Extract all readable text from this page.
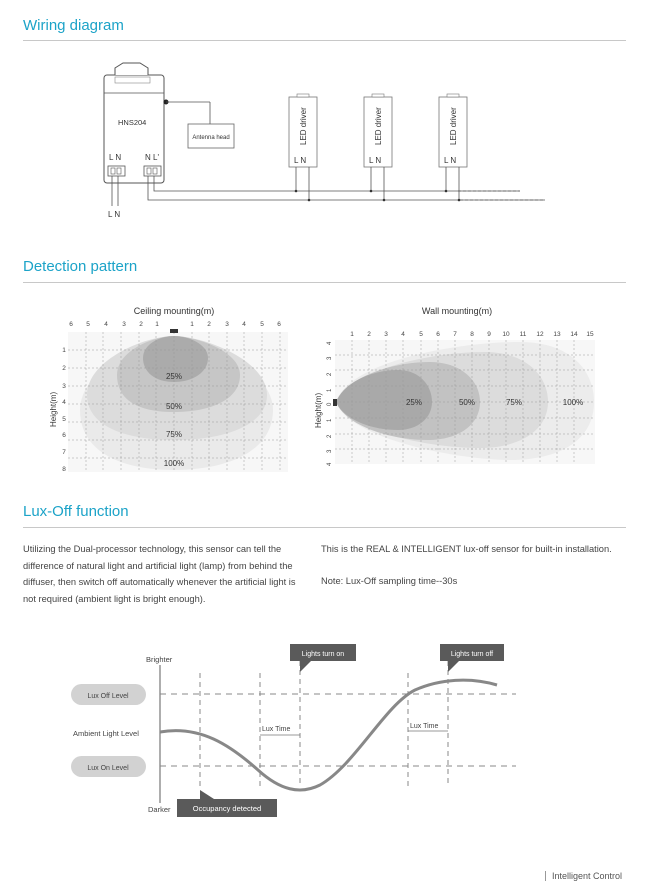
Wiring diagram
Detection pattern
Lux-Off function
HNS204
L N	N L'
Antenna head
L N
LED driver
L N
LED driver
L N
LED driver
L N
Ceiling mounting(m)
6 5 4 3 2 1	1 2 3 4 5 6
1
2
3
4
5
6
7
8
Height(m)
25%
50%
75%
100%
Wall mounting(m)
1 2 3 4 5 6 7 8 9 10 11 12 13 14 15
4
3
2
1
0
1
2
3
4
Height(m)	25%	50%	75%	100%
Utilizing the Dual-processor technology, this sensor can tell the difference of natural light and artificial light (lamp) from behind the diffuser, then switch off automatically whenever the artificial light is not required (ambient light is bright enough).
This is the REAL & INTELLIGENT lux-off sensor for built-in installation.
Note: Lux-Off sampling time--30s
Brighter
Darker
Ambient Light Level
Lux Off Level
Lux On Level
Lux Time	Lux Time
Lights turn on	Lights turn off
Occupancy detected
Intelligent Control
